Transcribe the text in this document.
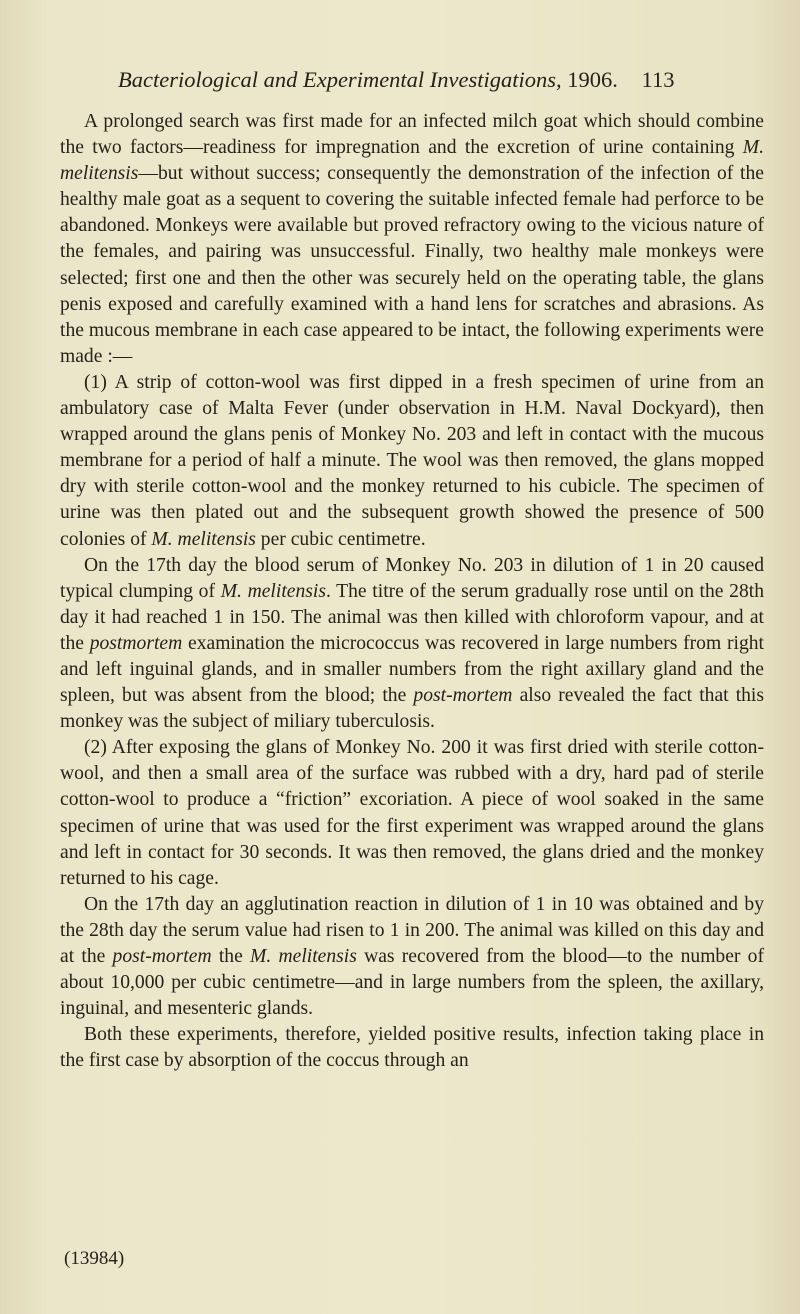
Bacteriological and Experimental Investigations, 1906. 113

A prolonged search was first made for an infected milch goat which should combine the two factors—readiness for impregnation and the excretion of urine containing M. melitensis—but without success; consequently the demonstration of the infection of the healthy male goat as a sequent to covering the suitable infected female had perforce to be abandoned. Monkeys were available but proved refractory owing to the vicious nature of the females, and pairing was unsuccessful. Finally, two healthy male monkeys were selected; first one and then the other was securely held on the operating table, the glans penis exposed and carefully examined with a hand lens for scratches and abrasions. As the mucous membrane in each case appeared to be intact, the following experiments were made :—

(1) A strip of cotton-wool was first dipped in a fresh specimen of urine from an ambulatory case of Malta Fever (under observation in H.M. Naval Dockyard), then wrapped around the glans penis of Monkey No. 203 and left in contact with the mucous membrane for a period of half a minute. The wool was then removed, the glans mopped dry with sterile cotton-wool and the monkey returned to his cubicle. The specimen of urine was then plated out and the subsequent growth showed the presence of 500 colonies of M. melitensis per cubic centimetre.

On the 17th day the blood serum of Monkey No. 203 in dilution of 1 in 20 caused typical clumping of M. melitensis. The titre of the serum gradually rose until on the 28th day it had reached 1 in 150. The animal was then killed with chloroform vapour, and at the postmortem examination the micrococcus was recovered in large numbers from right and left inguinal glands, and in smaller numbers from the right axillary gland and the spleen, but was absent from the blood; the post-mortem also revealed the fact that this monkey was the subject of miliary tuberculosis.

(2) After exposing the glans of Monkey No. 200 it was first dried with sterile cotton-wool, and then a small area of the surface was rubbed with a dry, hard pad of sterile cotton-wool to produce a “friction” excoriation. A piece of wool soaked in the same specimen of urine that was used for the first experiment was wrapped around the glans and left in contact for 30 seconds. It was then removed, the glans dried and the monkey returned to his cage.

On the 17th day an agglutination reaction in dilution of 1 in 10 was obtained and by the 28th day the serum value had risen to 1 in 200. The animal was killed on this day and at the post-mortem the M. melitensis was recovered from the blood—to the number of about 10,000 per cubic centimetre—and in large numbers from the spleen, the axillary, inguinal, and mesenteric glands.

Both these experiments, therefore, yielded positive results, infection taking place in the first case by absorption of the coccus through an

(13984)
